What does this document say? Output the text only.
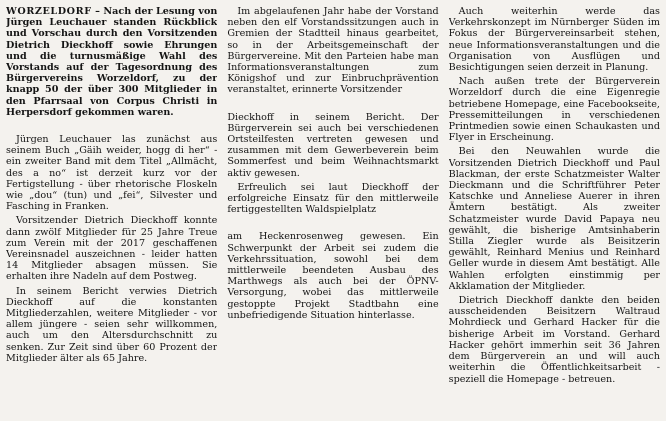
WORZELDORF – Nach der Lesung von Jürgen Leuchauer standen Rückblick und Vorschau durch den Vorsitzenden Dietrich Dieckhoff sowie Ehrungen und die turnusmäßige Wahl des Vorstands auf der Tagesordnung des Bürgervereins Worzeldorf, zu der knapp 50 der über 300 Mitglieder in den Pfarrsaal von Corpus Christi in Herpersdorf gekommen waren.

Jürgen Leuchauer las zunächst aus seinem Buch „Gäih weider, hogg di her“ - ein zweiter Band mit dem Titel „Allmächt, des a no“ ist derzeit kurz vor der Fertigstellung - über rhetorische Floskeln wie „dou“ (tun) und „fei“, Silvester und Fasching in Franken.

Vorsitzender Dietrich Dieckhoff konnte dann zwölf Mitglieder für 25 Jahre Treue zum Verein mit der 2017 geschaffenen Vereinsnadel auszeichnen - leider hatten 14 Mitglieder absagen müssen. Sie erhalten ihre Nadeln auf dem Postweg.

In seinem Bericht verwies Dietrich Dieckhoff auf die konstanten Mitgliederzahlen, weitere Mitglieder - vor allem jüngere - seien sehr willkommen, auch um den Altersdurchschnitt zu senken. Zur Zeit sind über 60 Prozent der Mitglieder älter als 65 Jahre.

Im abgelaufenen Jahr habe der Vorstand neben den elf Vorstandssitzungen auch in Gremien der Stadtteil hinaus gearbeitet, so in der Arbeitsgemeinschaft der Bürgervereine. Mit den Parteien habe man Informationsveranstaltungen zum Königshof und zur Einbruchprävention veranstaltet, erinnerte Vorsitzender

Dieckhoff in seinem Bericht. Der Bürgerverein sei auch bei verschiedenen Ortsteilfesten vertreten gewesen und zusammen mit dem Gewerbeverein beim Sommerfest und beim Weihnachtsmarkt aktiv gewesen.

Erfreulich sei laut Dieckhoff der erfolgreiche Einsatz für den mittlerweile fertiggestellten Waldspielplatz

am Heckenrosenweg gewesen. Ein Schwerpunkt der Arbeit sei zudem die Verkehrssituation, sowohl bei dem mittlerweile beendeten Ausbau des Marthwegs als auch bei der ÖPNV-Versorgung, wobei das mittlerweile gestoppte Projekt Stadtbahn eine unbefriedigende Situation hinterlasse.

Auch weiterhin werde das Verkehrskonzept im Nürnberger Süden im Fokus der Bürgervereinsarbeit stehen, neue Informationsveranstaltungen und die Organisation von Ausflügen und Besichtigungen seien derzeit in Planung.

Nach außen trete der Bürgerverein Worzeldorf durch die eine Eigenregie betriebene Homepage, eine Facebookseite, Pressemitteilungen in verschiedenen Printmedien sowie einen Schaukasten und Flyer in Erscheinung.

Bei den Neuwahlen wurde die Vorsitzenden Dietrich Dieckhoff und Paul Blackman, der erste Schatzmeister Walter Dieckmann und die Schriftführer Peter Katschke und Anneliese Auerer in ihren Ämtern bestätigt. Als zweiter Schatzmeister wurde David Papaya neu gewählt, die bisherige Amtsinhaberin Stilla Ziegler wurde als Beisitzerin gewählt, Reinhard Menius und Reinhard Geller wurde in diesem Amt bestätigt. Alle Wahlen erfolgten einstimmig per Akklamation der Mitglieder.

Dietrich Dieckhoff dankte den beiden ausscheidenden Beisitzern Waltraud Mohrdieck und Gerhard Hacker für die bisherige Arbeit im Vorstand. Gerhard Hacker gehört immerhin seit 36 Jahren dem Bürgerverein an und will auch weiterhin die Öffentlichkeitsarbeit - speziell die Homepage - betreuen.
